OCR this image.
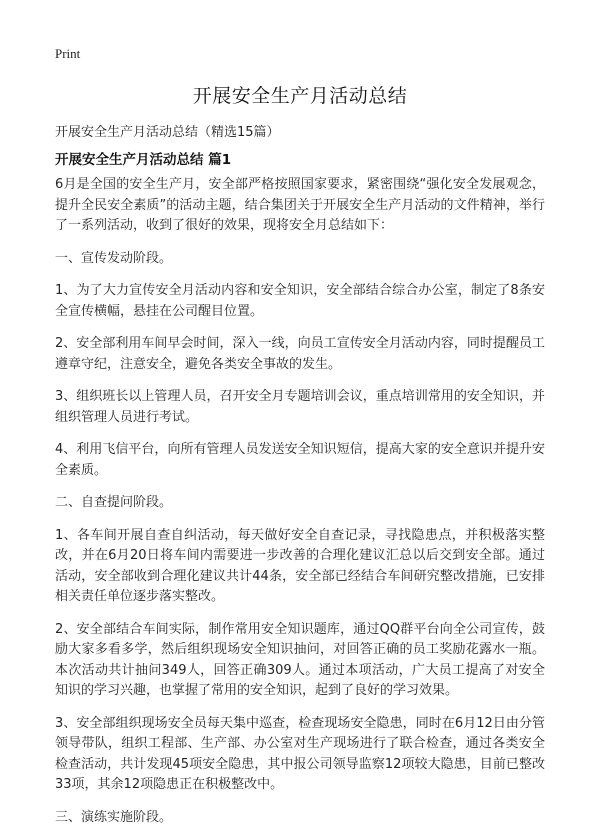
Print
开展安全生产月活动总结
开展安全生产月活动总结（精选15篇）
开展安全生产月活动总结 篇1

6月是全国的安全生产月，安全部严格按照国家要求，紧密围绕“强化安全发展观念，提升全民安全素质”的活动主题，结合集团关于开展安全生产月活动的文件精神，举行了一系列活动，收到了很好的效果，现将安全月总结如下：

一、宣传发动阶段。

1、为了大力宣传安全月活动内容和安全知识，安全部结合综合办公室，制定了8条安全宣传横幅，悬挂在公司醒目位置。

2、安全部利用车间早会时间，深入一线，向员工宣传安全月活动内容，同时提醒员工遵章守纪，注意安全，避免各类安全事故的发生。

3、组织班长以上管理人员，召开安全月专题培训会议，重点培训常用的安全知识，并组织管理人员进行考试。

4、利用飞信平台，向所有管理人员发送安全知识短信，提高大家的安全意识并提升安全素质。

二、自查提问阶段。

1、各车间开展自查自纠活动，每天做好安全自查记录，寻找隐患点，并积极落实整改，并在6月20日将车间内需要进一步改善的合理化建议汇总以后交到安全部。通过活动，安全部收到合理化建议共计44条，安全部已经结合车间研究整改措施，已安排相关责任单位逐步落实整改。

2、安全部结合车间实际，制作常用安全知识题库，通过QQ群平台向全公司宣传，鼓励大家多看多学，然后组织现场安全知识抽问，对回答正确的员工奖励花露水一瓶。本次活动共计抽问349人，回答正确309人。通过本项活动，广大员工提高了对安全知识的学习兴趣，也掌握了常用的安全知识，起到了良好的学习效果。

3、安全部组织现场安全员每天集中巡查，检查现场安全隐患，同时在6月12日由分管领导带队，组织工程部、生产部、办公室对生产现场进行了联合检查，通过各类安全检查活动，共计发现45项安全隐患，其中报公司领导监察12项较大隐患，目前已整改33项，其余12项隐患正在积极整改中。

三、演练实施阶段。
